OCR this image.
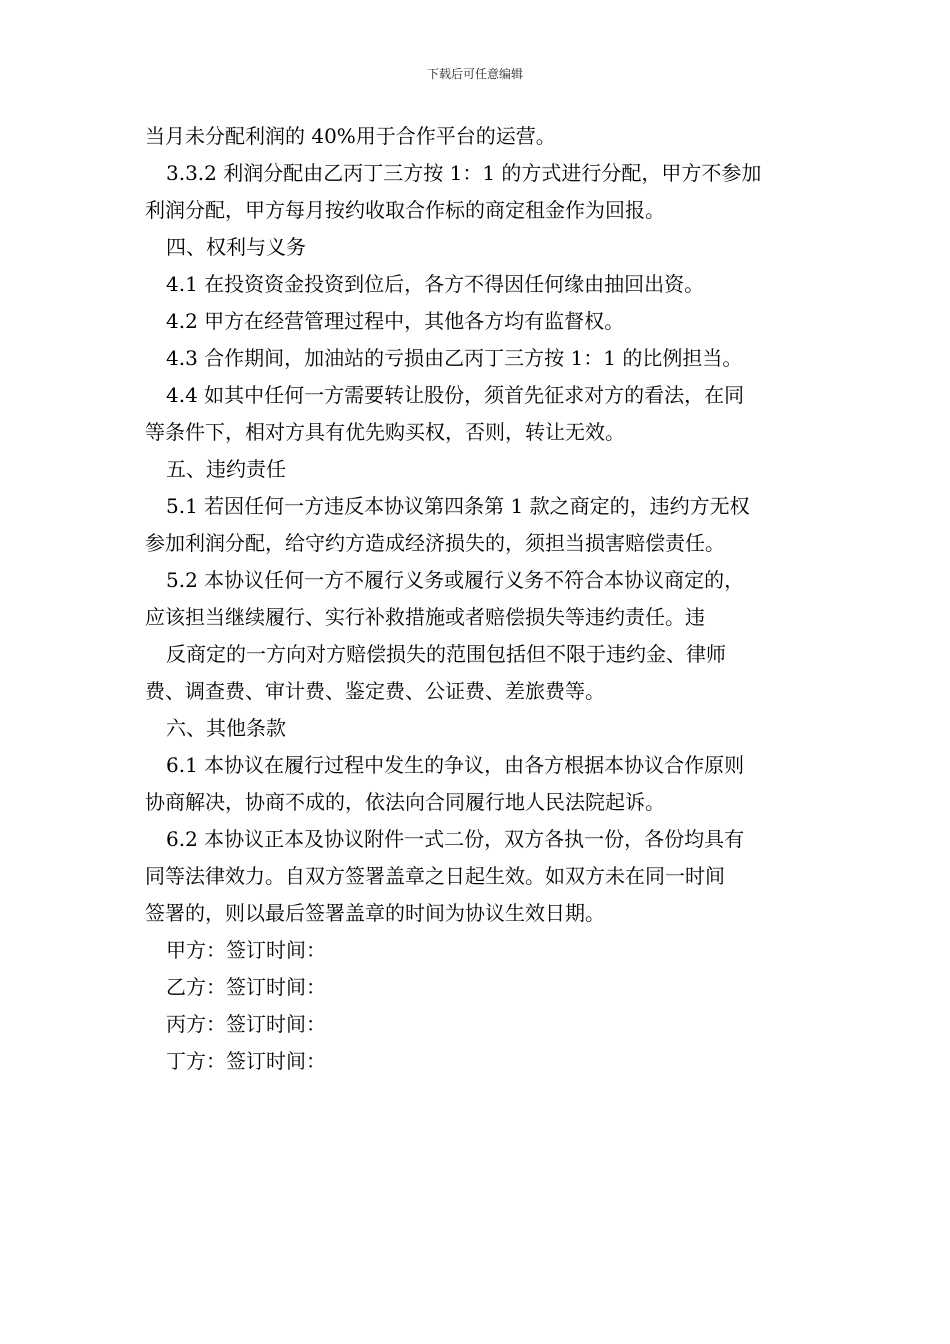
下载后可任意编辑
当月未分配利润的 40%用于合作平台的运营。
3.3.2 利润分配由乙丙丁三方按 1：1 的方式进行分配，甲方不参加
利润分配，甲方每月按约收取合作标的商定租金作为回报。
四、权利与义务
4.1 在投资资金投资到位后，各方不得因任何缘由抽回出资。
4.2 甲方在经营管理过程中，其他各方均有监督权。
4.3 合作期间，加油站的亏损由乙丙丁三方按 1：1 的比例担当。
4.4 如其中任何一方需要转让股份，须首先征求对方的看法，在同
等条件下，相对方具有优先购买权，否则，转让无效。
五、违约责任
5.1 若因任何一方违反本协议第四条第 1 款之商定的，违约方无权
参加利润分配，给守约方造成经济损失的，须担当损害赔偿责任。
5.2 本协议任何一方不履行义务或履行义务不符合本协议商定的，
应该担当继续履行、实行补救措施或者赔偿损失等违约责任。违
反商定的一方向对方赔偿损失的范围包括但不限于违约金、律师
费、调查费、审计费、鉴定费、公证费、差旅费等。
六、其他条款
6.1 本协议在履行过程中发生的争议，由各方根据本协议合作原则
协商解决，协商不成的，依法向合同履行地人民法院起诉。
6.2 本协议正本及协议附件一式二份，双方各执一份，各份均具有
同等法律效力。自双方签署盖章之日起生效。如双方未在同一时间
签署的，则以最后签署盖章的时间为协议生效日期。
甲方：签订时间：
乙方：签订时间：
丙方：签订时间：
丁方：签订时间：
